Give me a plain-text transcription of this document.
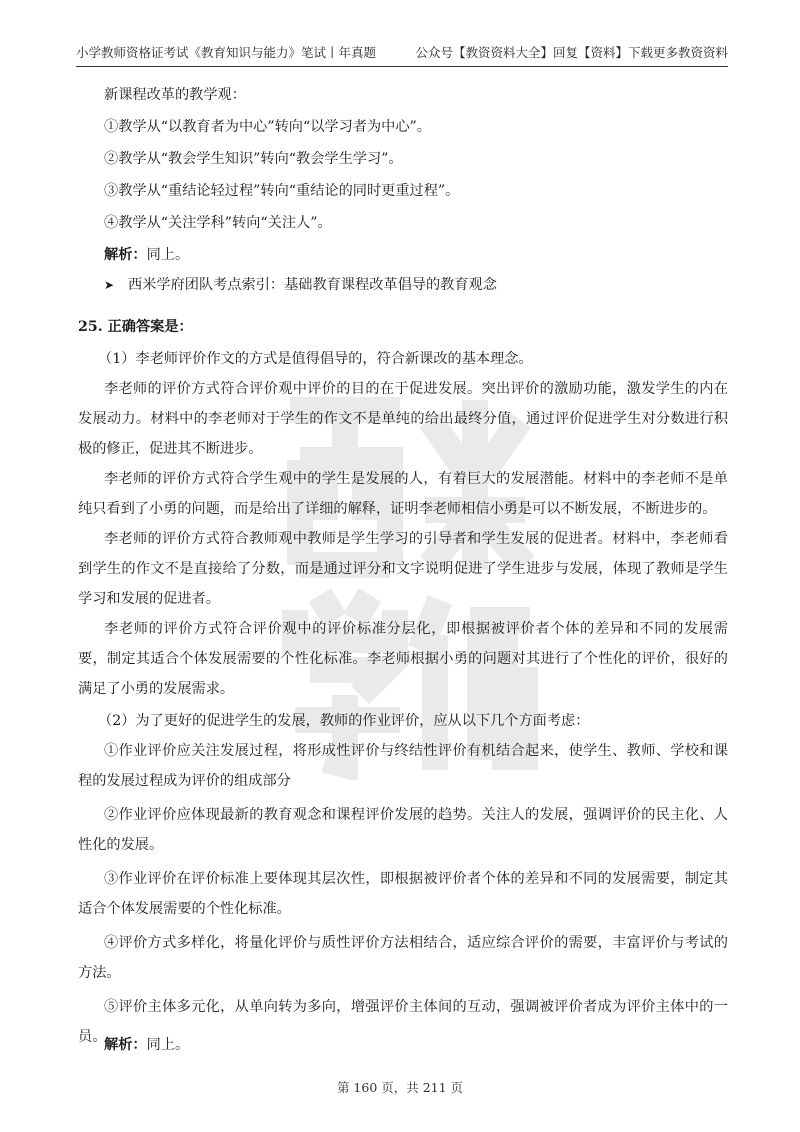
小学教师资格证考试《教育知识与能力》笔试丨年真题	公众号【教资资料大全】回复【资料】下载更多教资资料
新课程改革的教学观：
①教学从“以教育者为中心”转向“以学习者为中心”。
②教学从“教会学生知识”转向“教会学生学习”。
③教学从“重结论轻过程”转向“重结论的同时更重过程”。
④教学从“关注学科”转向“关注人”。
解析：同上。
➤ 西米学府团队考点索引：基础教育课程改革倡导的教育观念
25. 正确答案是：
（1）李老师评价作文的方式是值得倡导的，符合新课改的基本理念。
李老师的评价方式符合评价观中评价的目的在于促进发展。突出评价的激励功能，激发学生的内在发展动力。材料中的李老师对于学生的作文不是单纯的给出最终分值，通过评价促进学生对分数进行积极的修正，促进其不断进步。
李老师的评价方式符合学生观中的学生是发展的人，有着巨大的发展潜能。材料中的李老师不是单纯只看到了小勇的问题，而是给出了详细的解释，证明李老师相信小勇是可以不断发展，不断进步的。
李老师的评价方式符合教师观中教师是学生学习的引导者和学生发展的促进者。材料中，李老师看到学生的作文不是直接给了分数，而是通过评分和文字说明促进了学生进步与发展，体现了教师是学生学习和发展的促进者。
李老师的评价方式符合评价观中的评价标准分层化，即根据被评价者个体的差异和不同的发展需要，制定其适合个体发展需要的个性化标准。李老师根据小勇的问题对其进行了个性化的评价，很好的满足了小勇的发展需求。
（2）为了更好的促进学生的发展，教师的作业评价，应从以下几个方面考虑：
①作业评价应关注发展过程，将形成性评价与终结性评价有机结合起来，使学生、教师、学校和课程的发展过程成为评价的组成部分
②作业评价应体现最新的教育观念和课程评价发展的趋势。关注人的发展，强调评价的民主化、人性化的发展。
③作业评价在评价标准上要体现其层次性，即根据被评价者个体的差异和不同的发展需要，制定其适合个体发展需要的个性化标准。
④评价方式多样化，将量化评价与质性评价方法相结合，适应综合评价的需要，丰富评价与考试的方法。
⑤评价主体多元化，从单向转为多向，增强评价主体间的互动，强调被评价者成为评价主体中的一员。
解析：同上。
第 160 页，共 211 页
